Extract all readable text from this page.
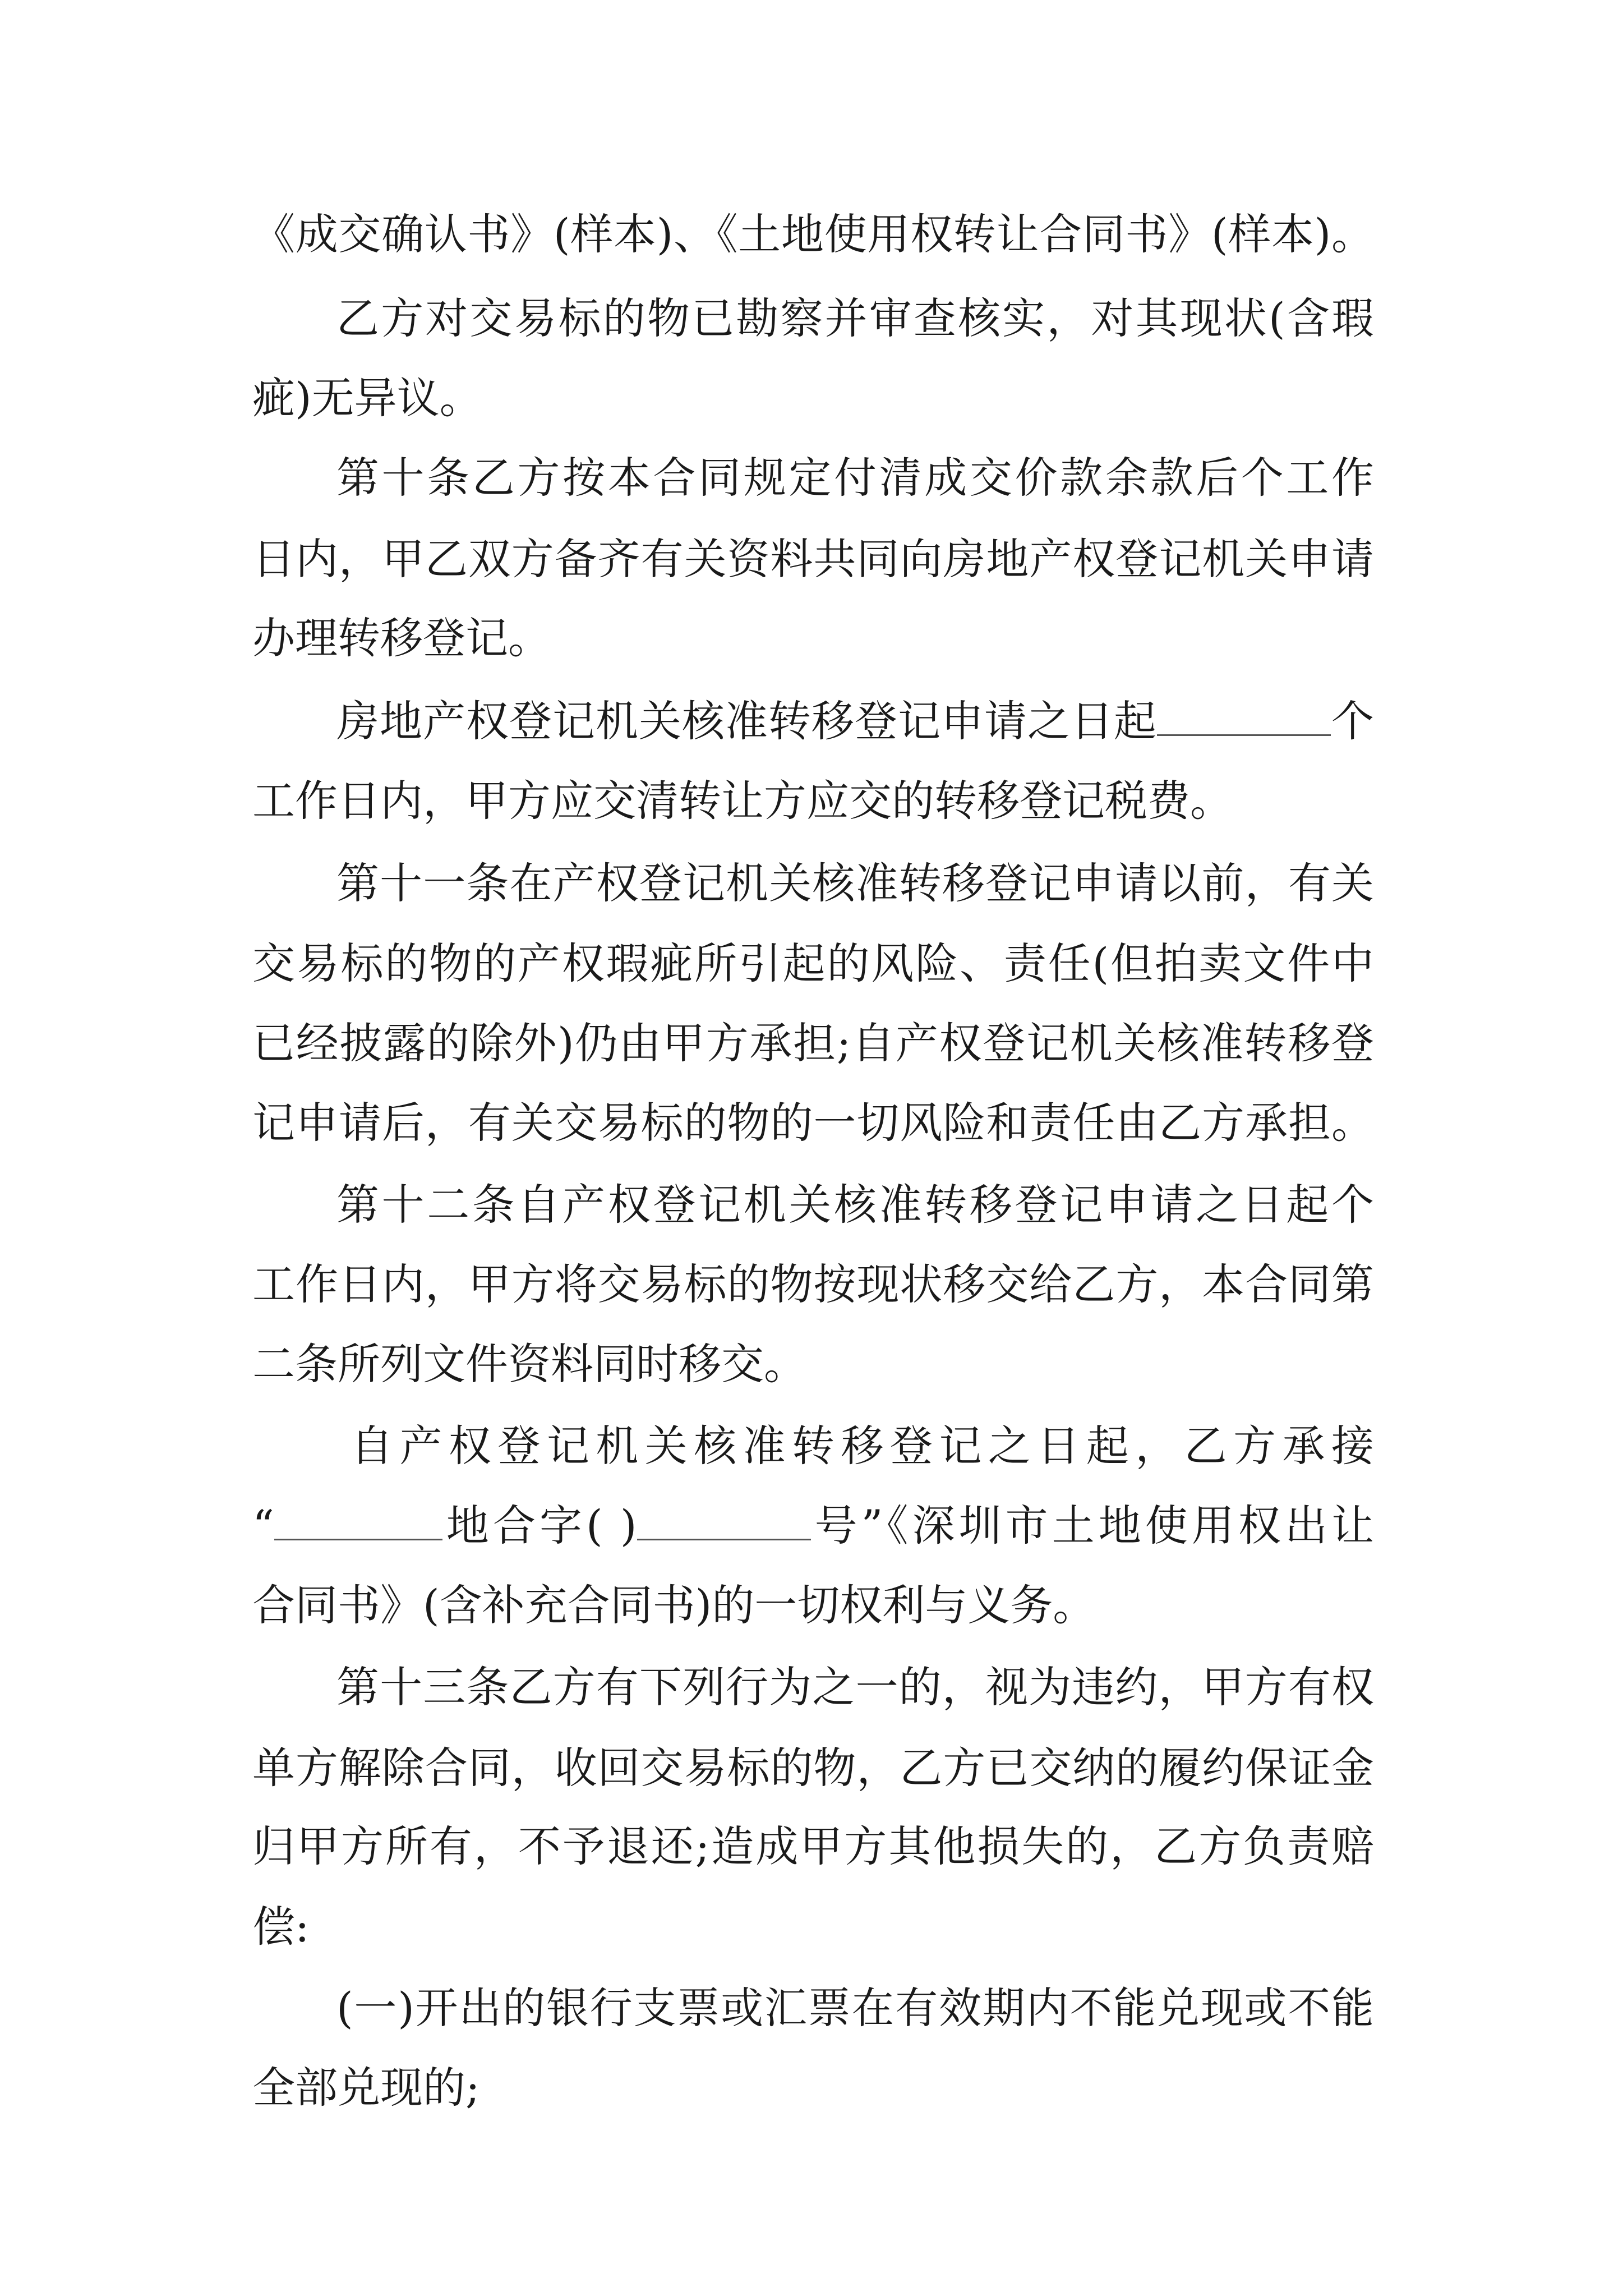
《成交确认书》(样本)、《土地使用权转让合同书》(样本)。
乙方对交易标的物已勘察并审查核实，对其现状(含瑕
疵)无异议。
第十条乙方按本合同规定付清成交价款余款后个工作
日内，甲乙双方备齐有关资料共同向房地产权登记机关申请
办理转移登记。
房地产权登记机关核准转移登记申请之日起	个
工作日内，甲方应交清转让方应交的转移登记税费。
第十一条在产权登记机关核准转移登记申请以前，有关
交易标的物的产权瑕疵所引起的风险、责任(但拍卖文件中
已经披露的除外)仍由甲方承担;自产权登记机关核准转移登
记申请后，有关交易标的物的一切风险和责任由乙方承担。
第十二条自产权登记机关核准转移登记申请之日起个
工作日内，甲方将交易标的物按现状移交给乙方，本合同第
二条所列文件资料同时移交。
自产权登记机关核准转移登记之日起，乙方承接
“	地合字( )	号”《深圳市土地使用权出让
合同书》(含补充合同书)的一切权利与义务。
第十三条乙方有下列行为之一的，视为违约，甲方有权
单方解除合同，收回交易标的物，乙方已交纳的履约保证金
归甲方所有，不予退还;造成甲方其他损失的，乙方负责赔
偿:
(一)开出的银行支票或汇票在有效期内不能兑现或不能
全部兑现的;
